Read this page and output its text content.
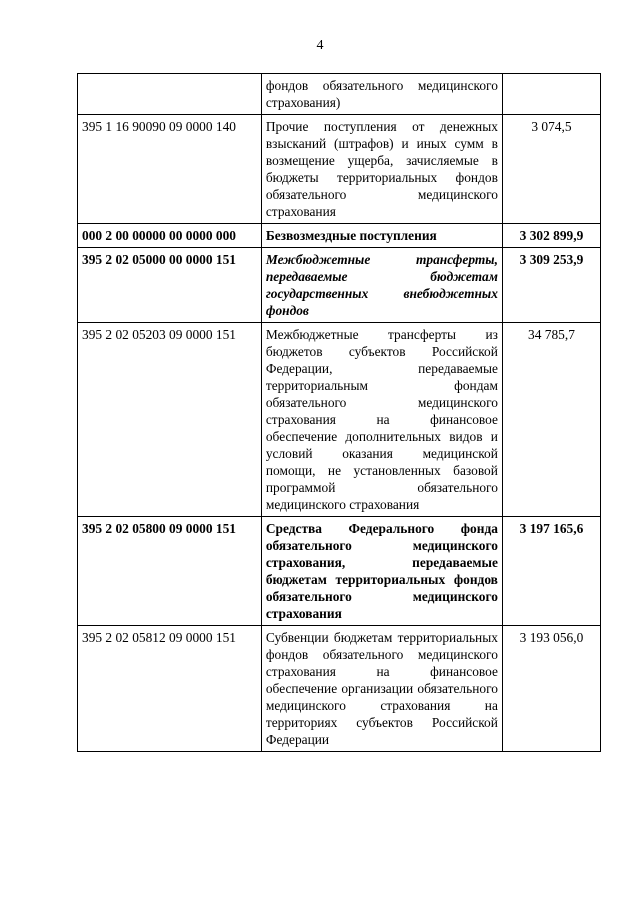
4
	фондов обязательного медицинского страхования)	
395 1 16 90090 09 0000 140	Прочие поступления от денежных взысканий (штрафов) и иных сумм в возмещение ущерба, зачисляемые в бюджеты территориальных фондов обязательного медицинского страхования	3 074,5
000 2 00 00000 00 0000 000	Безвозмездные поступления	3 302 899,9
395 2 02 05000 00 0000 151	Межбюджетные трансферты, передаваемые бюджетам государственных внебюджетных фондов	3 309 253,9
395 2 02 05203 09 0000 151	Межбюджетные трансферты из бюджетов субъектов Российской Федерации, передаваемые территориальным фондам обязательного медицинского страхования на финансовое обеспечение дополнительных видов и условий оказания медицинской помощи, не установленных базовой программой обязательного медицинского страхования	34 785,7
395 2 02 05800 09 0000 151	Средства Федерального фонда обязательного медицинского страхования, передаваемые бюджетам территориальных фондов обязательного медицинского страхования	3 197 165,6
395 2 02 05812 09 0000 151	Субвенции бюджетам территориальных фондов обязательного медицинского страхования на финансовое обеспечение организации обязательного медицинского страхования на территориях субъектов Российской Федерации	3 193 056,0
